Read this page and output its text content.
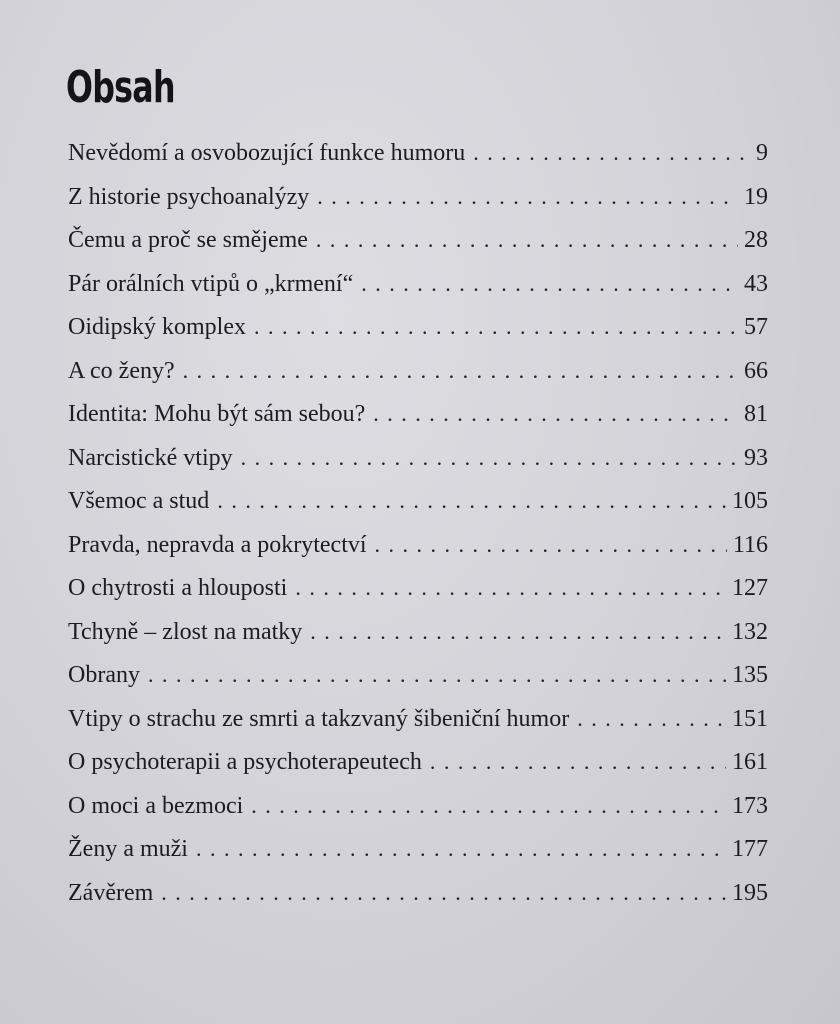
Obsah
Nevědomí a osvobozující funkce humoru . . .	9
Z historie psychoanalýzy . . .	19
Čemu a proč se smějeme . . .	28
Pár orálních vtipů o „krmení“ . . .	43
Oidipský komplex . . .	57
A co ženy? . . .	66
Identita: Mohu být sám sebou? . . .	81
Narcistické vtipy . . .	93
Všemoc a stud . . .	105
Pravda, nepravda a pokrytectví . . .	116
O chytrosti a hlouposti . . .	127
Tchyně – zlost na matky . . .	132
Obrany . . .	135
Vtipy o strachu ze smrti a takzvaný šibeniční humor . . .	151
O psychoterapii a psychoterapeutech . . .	161
O moci a bezmoci . . .	173
Ženy a muži . . .	177
Závěrem . . .	195
